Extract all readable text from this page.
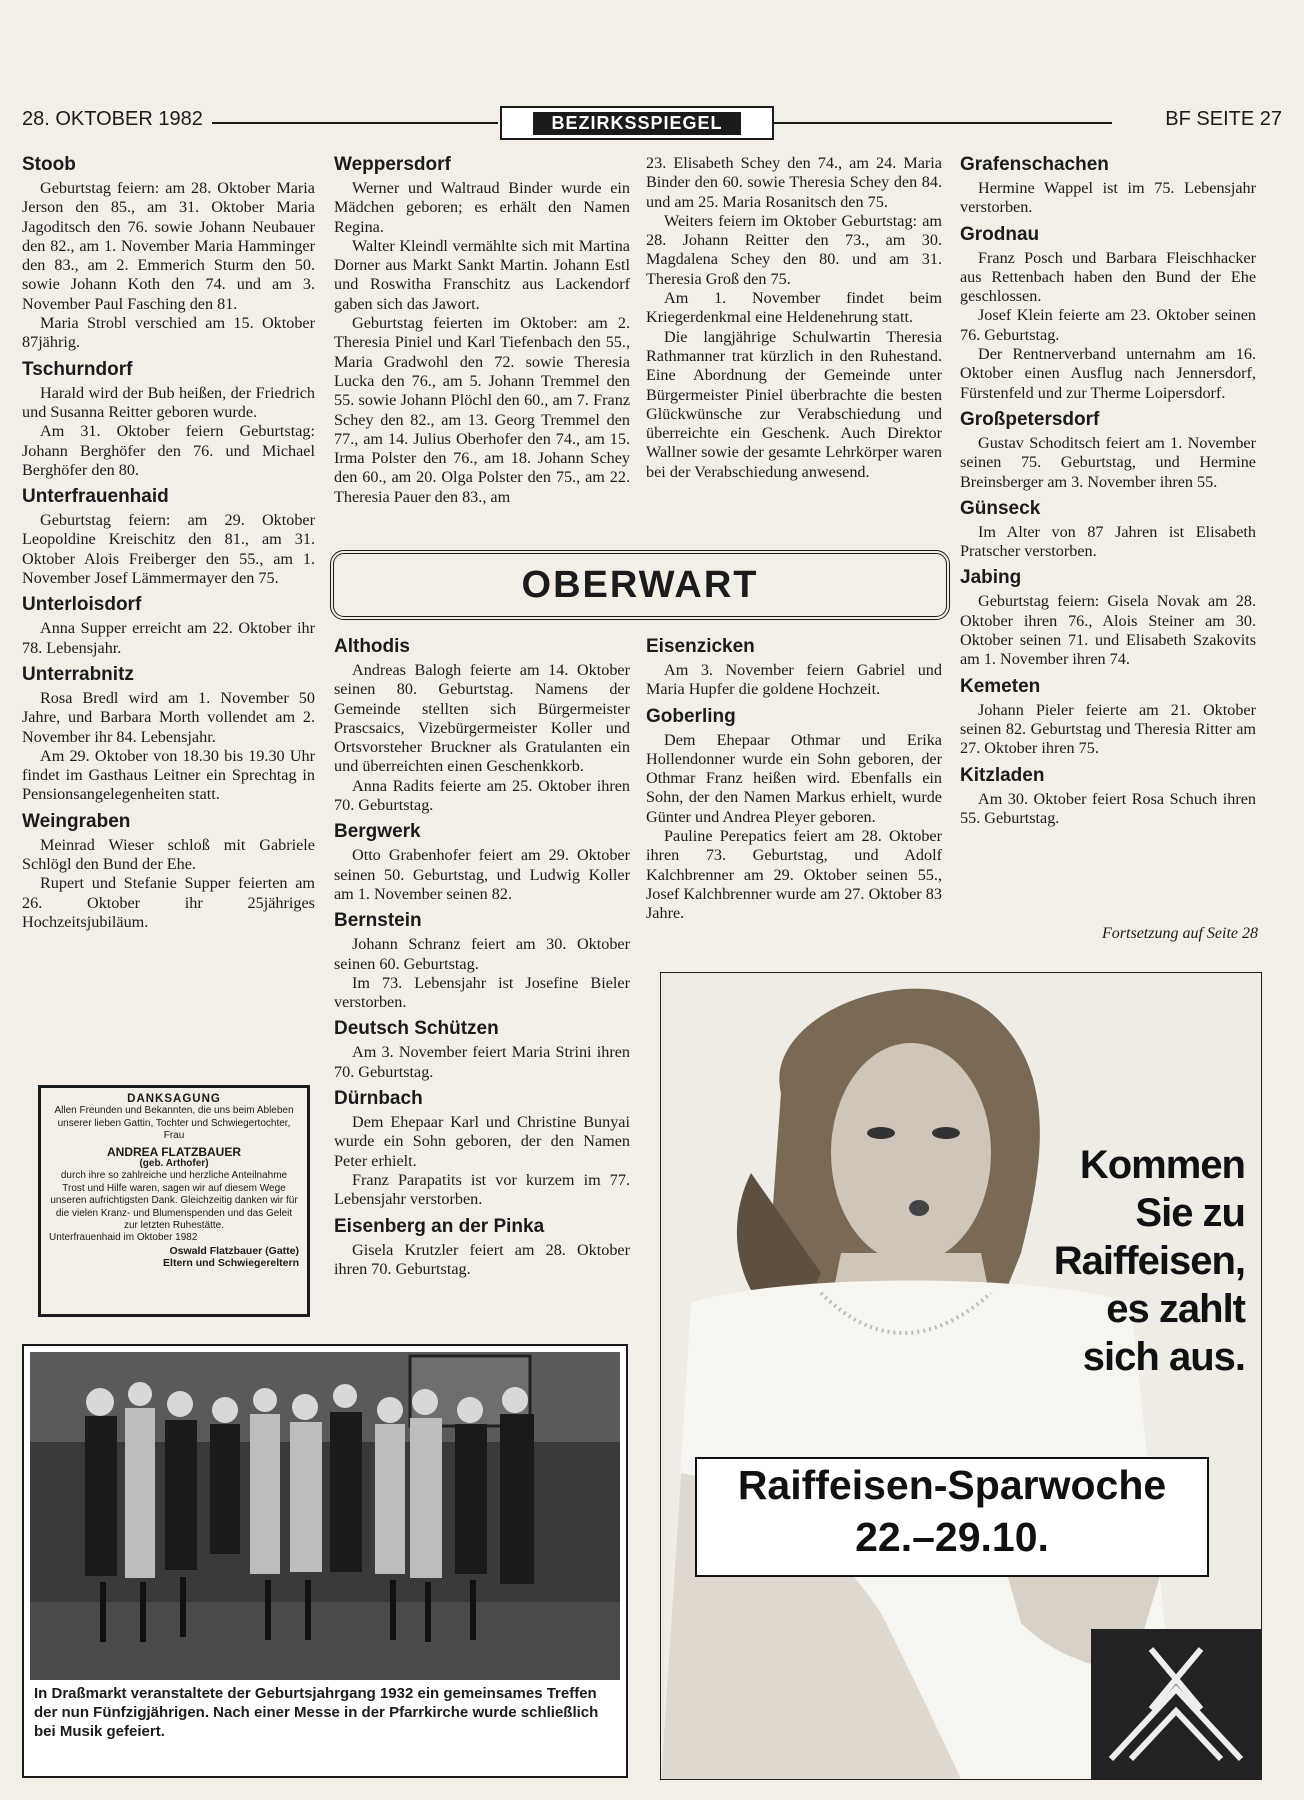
28. OKTOBER 1982	BEZIRKSSPIEGEL	BF SEITE 27
Stoob

Geburtstag feiern: am 28. Oktober Maria Jerson den 85., am 31. Oktober Maria Jagoditsch den 76. sowie Johann Neubauer den 82., am 1. November Maria Hamminger den 83., am 2. Emmerich Sturm den 50. sowie Johann Koth den 74. und am 3. November Paul Fasching den 81.

Maria Strobl verschied am 15. Oktober 87jährig.

Tschurndorf

Harald wird der Bub heißen, der Friedrich und Susanna Reitter geboren wurde.

Am 31. Oktober feiern Geburtstag: Johann Berghöfer den 76. und Michael Berghöfer den 80.

Unterfrauenhaid

Geburtstag feiern: am 29. Oktober Leopoldine Kreischitz den 81., am 31. Oktober Alois Freiberger den 55., am 1. November Josef Lämmermayer den 75.

Unterloisdorf

Anna Supper erreicht am 22. Oktober ihr 78. Lebensjahr.

Unterrabnitz

Rosa Bredl wird am 1. November 50 Jahre, und Barbara Morth vollendet am 2. November ihr 84. Lebensjahr.

Am 29. Oktober von 18.30 bis 19.30 Uhr findet im Gasthaus Leitner ein Sprechtag in Pensionsangelegenheiten statt.

Weingraben

Meinrad Wieser schloß mit Gabriele Schlögl den Bund der Ehe.

Rupert und Stefanie Supper feierten am 26. Oktober ihr 25jähriges Hochzeitsjubiläum.

Weppersdorf

Werner und Waltraud Binder wurde ein Mädchen geboren; es erhält den Namen Regina.

Walter Kleindl vermählte sich mit Martina Dorner aus Markt Sankt Martin. Johann Estl und Roswitha Franschitz aus Lackendorf gaben sich das Jawort.

Geburtstag feierten im Oktober: am 2. Theresia Piniel und Karl Tiefenbach den 55., Maria Gradwohl den 72. sowie Theresia Lucka den 76., am 5. Johann Tremmel den 55. sowie Johann Plöchl den 60., am 7. Franz Schey den 82., am 13. Georg Tremmel den 77., am 14. Julius Oberhofer den 74., am 15. Irma Polster den 76., am 18. Johann Schey den 60., am 20. Olga Polster den 75., am 22. Theresia Pauer den 83., am

23. Elisabeth Schey den 74., am 24. Maria Binder den 60. sowie Theresia Schey den 84. und am 25. Maria Rosanitsch den 75.

Weiters feiern im Oktober Geburtstag: am 28. Johann Reitter den 73., am 30. Magdalena Schey den 80. und am 31. Theresia Groß den 75.

Am 1. November findet beim Kriegerdenkmal eine Heldenehrung statt.

Die langjährige Schulwartin Theresia Rathmanner trat kürzlich in den Ruhestand. Eine Abordnung der Gemeinde unter Bürgermeister Piniel überbrachte die besten Glückwünsche zur Verabschiedung und überreichte ein Geschenk. Auch Direktor Wallner sowie der gesamte Lehrkörper waren bei der Verabschiedung anwesend.

Grafenschachen

Hermine Wappel ist im 75. Lebensjahr verstorben.

Grodnau

Franz Posch und Barbara Fleischhacker aus Rettenbach haben den Bund der Ehe geschlossen.

Josef Klein feierte am 23. Oktober seinen 76. Geburtstag.

Der Rentnerverband unternahm am 16. Oktober einen Ausflug nach Jennersdorf, Fürstenfeld und zur Therme Loipersdorf.

Großpetersdorf

Gustav Schoditsch feiert am 1. November seinen 75. Geburtstag, und Hermine Breinsberger am 3. November ihren 55.

Günseck

Im Alter von 87 Jahren ist Elisabeth Pratscher verstorben.

Jabing

Geburtstag feiern: Gisela Novak am 28. Oktober ihren 76., Alois Steiner am 30. Oktober seinen 71. und Elisabeth Szakovits am 1. November ihren 74.

Kemeten

Johann Pieler feierte am 21. Oktober seinen 82. Geburtstag und Theresia Ritter am 27. Oktober ihren 75.

Kitzladen

Am 30. Oktober feiert Rosa Schuch ihren 55. Geburtstag.

Fortsetzung auf Seite 28
OBERWART
Althodis

Andreas Balogh feierte am 14. Oktober seinen 80. Geburtstag. Namens der Gemeinde stellten sich Bürgermeister Prascsaics, Vizebürgermeister Koller und Ortsvorsteher Bruckner als Gratulanten ein und überreichten einen Geschenkkorb.

Anna Radits feierte am 25. Oktober ihren 70. Geburtstag.

Bergwerk

Otto Grabenhofer feiert am 29. Oktober seinen 50. Geburtstag, und Ludwig Koller am 1. November seinen 82.

Bernstein

Johann Schranz feiert am 30. Oktober seinen 60. Geburtstag.

Im 73. Lebensjahr ist Josefine Bieler verstorben.

Deutsch Schützen

Am 3. November feiert Maria Strini ihren 70. Geburtstag.

Dürnbach

Dem Ehepaar Karl und Christine Bunyai wurde ein Sohn geboren, der den Namen Peter erhielt.

Franz Parapatits ist vor kurzem im 77. Lebensjahr verstorben.

Eisenberg an der Pinka

Gisela Krutzler feiert am 28. Oktober ihren 70. Geburtstag.

Eisenzicken

Am 3. November feiern Gabriel und Maria Hupfer die goldene Hochzeit.

Goberling

Dem Ehepaar Othmar und Erika Hollendonner wurde ein Sohn geboren, der Othmar Franz heißen wird. Ebenfalls ein Sohn, der den Namen Markus erhielt, wurde Günter und Andrea Pleyer geboren.

Pauline Perepatics feiert am 28. Oktober ihren 73. Geburtstag, und Adolf Kalchbrenner am 29. Oktober seinen 55., Josef Kalchbrenner wurde am 27. Oktober 83 Jahre.

DANKSAGUNG
Allen Freunden und Bekannten, die uns beim Ableben unserer lieben Gattin, Tochter und Schwiegertochter, Frau
ANDREA FLATZBAUER
(geb. Arthofer)
durch ihre so zahlreiche und herzliche Anteilnahme Trost und Hilfe waren, sagen wir auf diesem Wege unseren aufrichtigsten Dank. Gleichzeitig danken wir für die vielen Kranz- und Blumenspenden und das Geleit zur letzten Ruhestätte.
Unterfrauenhaid im Oktober 1982
Oswald Flatzbauer (Gatte)
Eltern und Schwiegereltern
In Draßmarkt veranstaltete der Geburtsjahrgang 1932 ein gemeinsames Treffen der nun Fünfzigjährigen. Nach einer Messe in der Pfarrkirche wurde schließlich bei Musik gefeiert.
Kommen
Sie zu
Raiffeisen,
es zahlt
sich aus.
Raiffeisen-Sparwoche
22.–29.10.
